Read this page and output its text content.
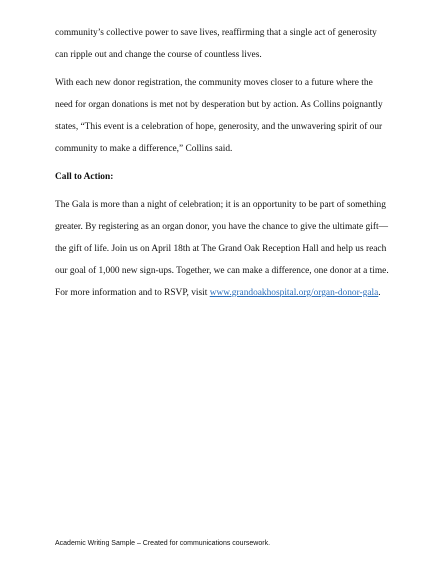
community’s collective power to save lives, reaffirming that a single act of generosity can ripple out and change the course of countless lives.

With each new donor registration, the community moves closer to a future where the need for organ donations is met not by desperation but by action. As Collins poignantly states, “This event is a celebration of hope, generosity, and the unwavering spirit of our community to make a difference,” Collins said.

Call to Action:

The Gala is more than a night of celebration; it is an opportunity to be part of something greater. By registering as an organ donor, you have the chance to give the ultimate gift—the gift of life. Join us on April 18th at The Grand Oak Reception Hall and help us reach our goal of 1,000 new sign-ups. Together, we can make a difference, one donor at a time. For more information and to RSVP, visit www.grandoakhospital.org/organ-donor-gala.

Academic Writing Sample – Created for communications coursework.
